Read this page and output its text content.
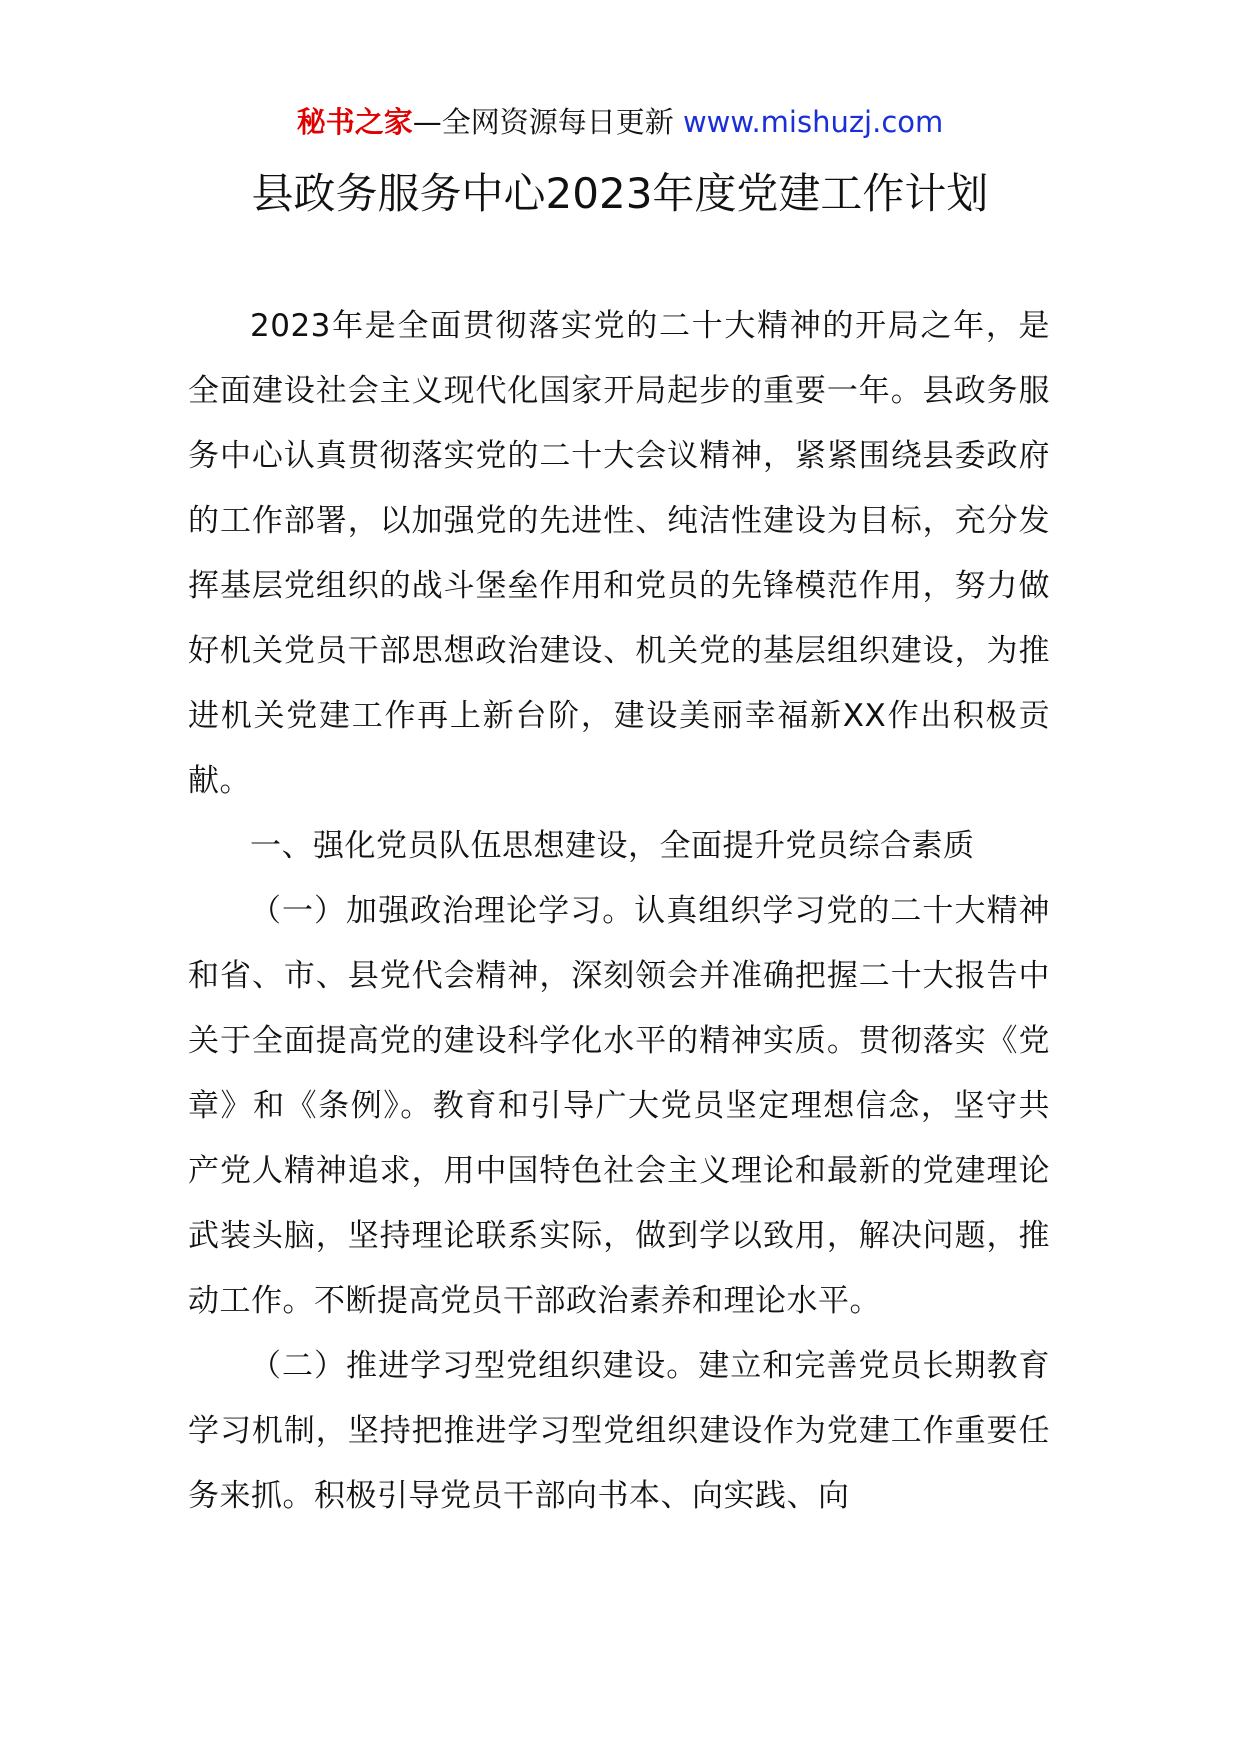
秘书之家—全网资源每日更新 www.mishuzj.com
县政务服务中心2023年度党建工作计划

2023年是全面贯彻落实党的二十大精神的开局之年，是全面建设社会主义现代化国家开局起步的重要一年。县政务服务中心认真贯彻落实党的二十大会议精神，紧紧围绕县委政府的工作部署，以加强党的先进性、纯洁性建设为目标，充分发挥基层党组织的战斗堡垒作用和党员的先锋模范作用，努力做好机关党员干部思想政治建设、机关党的基层组织建设，为推进机关党建工作再上新台阶，建设美丽幸福新XX作出积极贡献。

一、强化党员队伍思想建设，全面提升党员综合素质

（一）加强政治理论学习。认真组织学习党的二十大精神和省、市、县党代会精神，深刻领会并准确把握二十大报告中关于全面提高党的建设科学化水平的精神实质。贯彻落实《党章》和《条例》。教育和引导广大党员坚定理想信念，坚守共产党人精神追求，用中国特色社会主义理论和最新的党建理论武装头脑，坚持理论联系实际，做到学以致用，解决问题，推动工作。不断提高党员干部政治素养和理论水平。

（二）推进学习型党组织建设。建立和完善党员长期教育学习机制，坚持把推进学习型党组织建设作为党建工作重要任务来抓。积极引导党员干部向书本、向实践、向
